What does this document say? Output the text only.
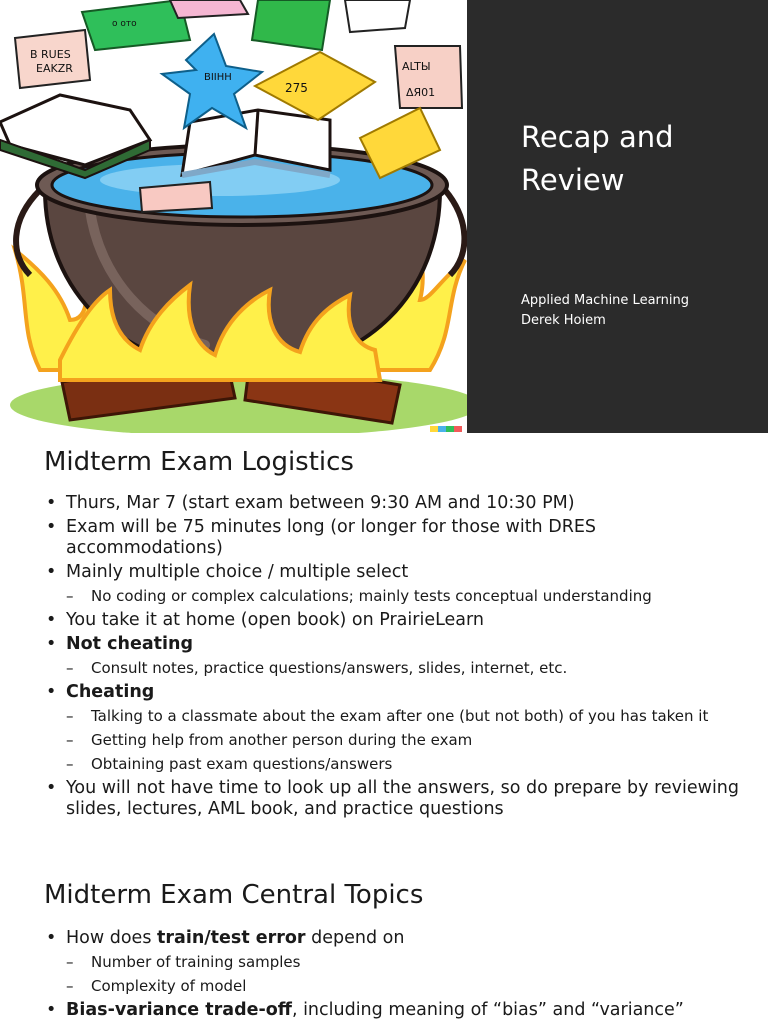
B RUES
EAKZR
о ото
BIIHH
ALTЫ
ΔЯ01
275
Recap and
Review
Applied Machine Learning
Derek Hoiem
Midterm Exam Logistics
• Thurs, Mar 7 (start exam between 9:30 AM and 10:30 PM)
• Exam will be 75 minutes long (or longer for those with DRES accommodations)
• Mainly multiple choice / multiple select
– No coding or complex calculations; mainly tests conceptual understanding
• You take it at home (open book) on PrairieLearn
• Not cheating
– Consult notes, practice questions/answers, slides, internet, etc.
• Cheating
– Talking to a classmate about the exam after one (but not both) of you has taken it
– Getting help from another person during the exam
– Obtaining past exam questions/answers
• You will not have time to look up all the answers, so do prepare by reviewing slides, lectures, AML book, and practice questions
Midterm Exam Central Topics
• How does train/test error depend on
– Number of training samples
– Complexity of model
• Bias-variance trade-off, including meaning of “bias” and “variance”
